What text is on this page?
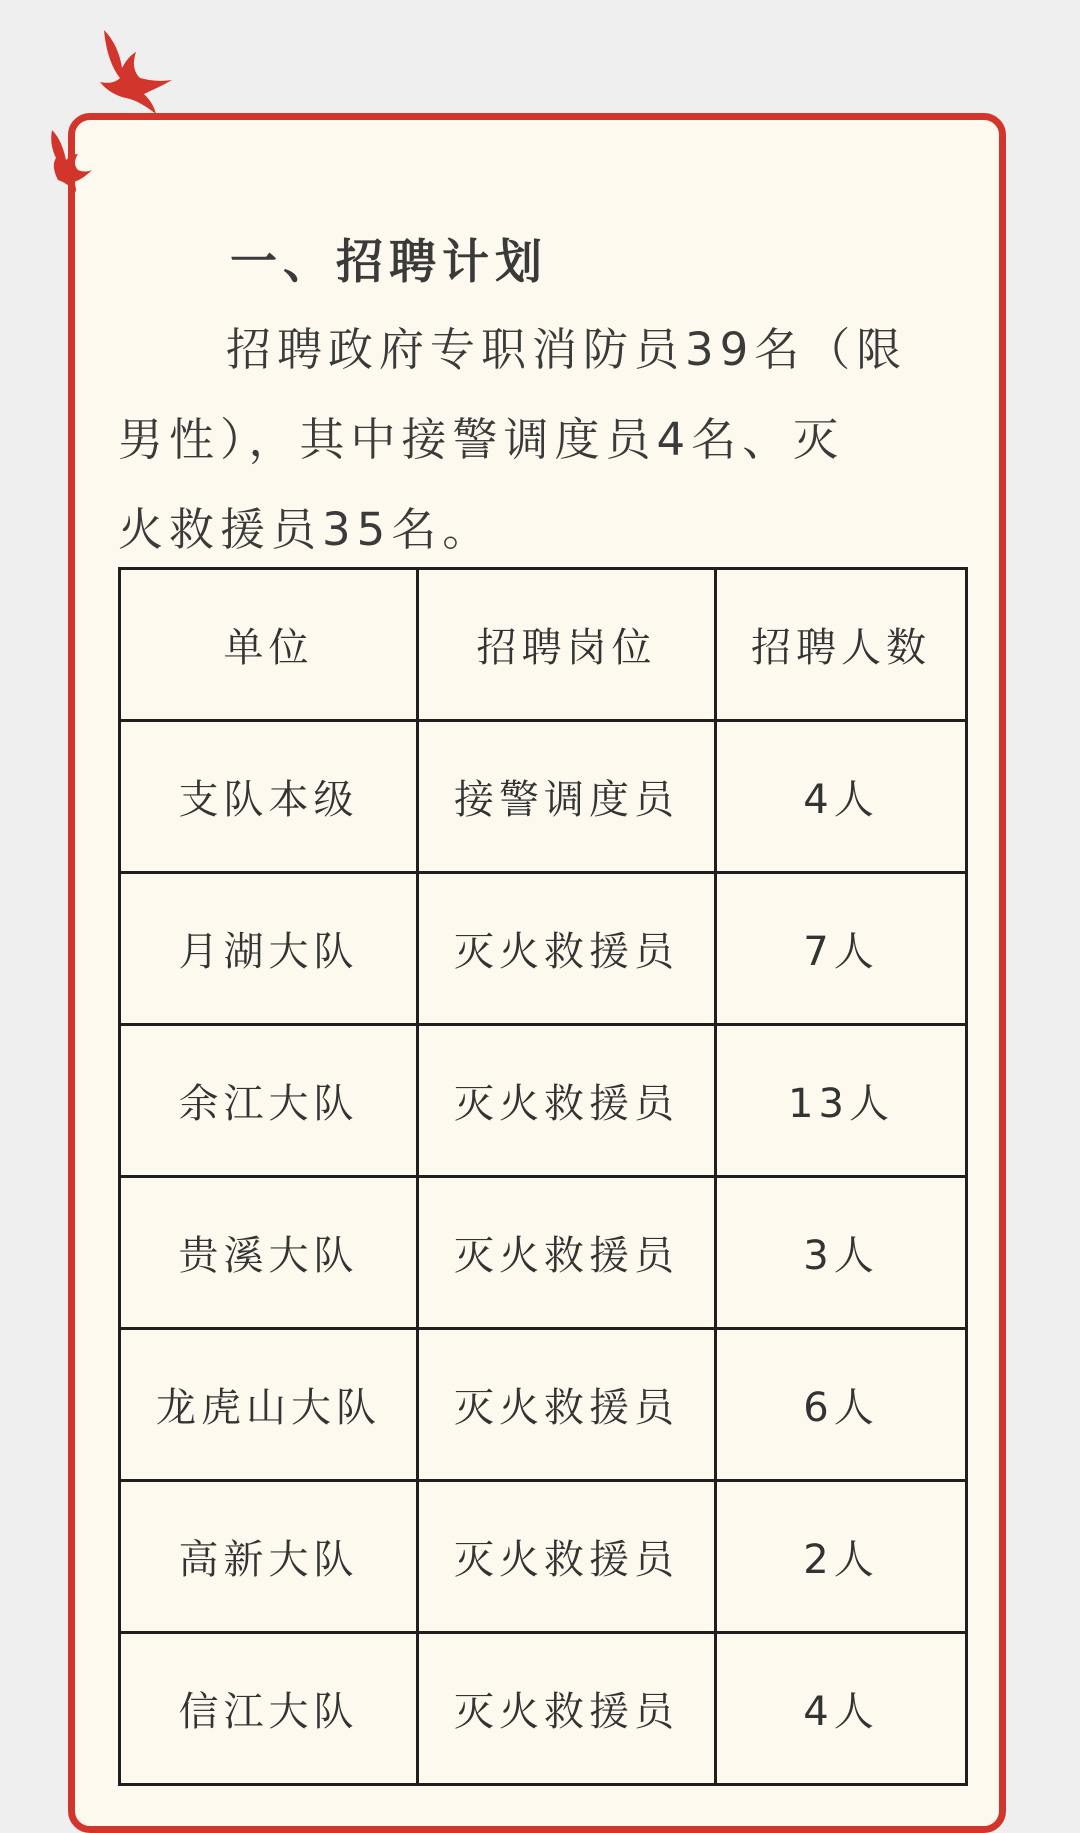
一、招聘计划
招聘政府专职消防员39名（限
男性），其中接警调度员4名、灭
火救援员35名。
单位	招聘岗位	招聘人数
支队本级	接警调度员	4人
月湖大队	灭火救援员	7人
余江大队	灭火救援员	13人
贵溪大队	灭火救援员	3人
龙虎山大队	灭火救援员	6人
高新大队	灭火救援员	2人
信江大队	灭火救援员	4人
